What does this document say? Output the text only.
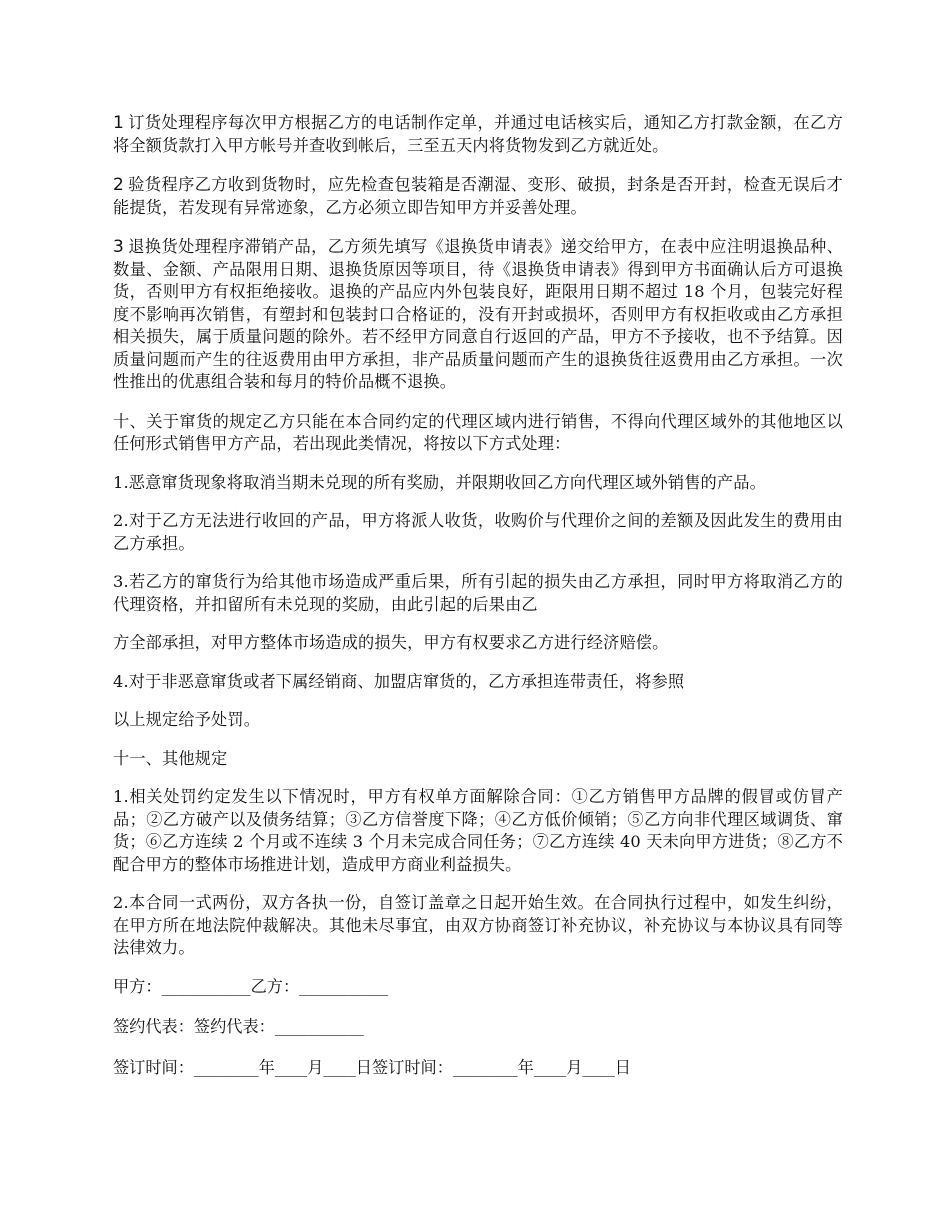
1 订货处理程序每次甲方根据乙方的电话制作定单，并通过电话核实后，通知乙方打款金额，在乙方将全额货款打入甲方帐号并查收到帐后，三至五天内将货物发到乙方就近处。

2 验货程序乙方收到货物时，应先检查包装箱是否潮湿、变形、破损，封条是否开封，检查无误后才能提货，若发现有异常迹象，乙方必须立即告知甲方并妥善处理。

3 退换货处理程序滞销产品，乙方须先填写《退换货申请表》递交给甲方，在表中应注明退换品种、数量、金额、产品限用日期、退换货原因等项目，待《退换货申请表》得到甲方书面确认后方可退换货，否则甲方有权拒绝接收。退换的产品应内外包装良好，距限用日期不超过 18 个月，包装完好程度不影响再次销售，有塑封和包装封口合格证的，没有开封或损坏，否则甲方有权拒收或由乙方承担相关损失，属于质量问题的除外。若不经甲方同意自行返回的产品，甲方不予接收，也不予结算。因质量问题而产生的往返费用由甲方承担，非产品质量问题而产生的退换货往返费用由乙方承担。一次性推出的优惠组合装和每月的特价品概不退换。

十、关于窜货的规定乙方只能在本合同约定的代理区域内进行销售，不得向代理区域外的其他地区以任何形式销售甲方产品，若出现此类情况，将按以下方式处理：

1.恶意窜货现象将取消当期未兑现的所有奖励，并限期收回乙方向代理区域外销售的产品。

2.对于乙方无法进行收回的产品，甲方将派人收货，收购价与代理价之间的差额及因此发生的费用由乙方承担。

3.若乙方的窜货行为给其他市场造成严重后果，所有引起的损失由乙方承担，同时甲方将取消乙方的代理资格，并扣留所有未兑现的奖励，由此引起的后果由乙

方全部承担，对甲方整体市场造成的损失，甲方有权要求乙方进行经济赔偿。

4.对于非恶意窜货或者下属经销商、加盟店窜货的，乙方承担连带责任，将参照

以上规定给予处罚。

十一、其他规定

1.相关处罚约定发生以下情况时，甲方有权单方面解除合同：①乙方销售甲方品牌的假冒或仿冒产品；②乙方破产以及债务结算；③乙方信誉度下降；④乙方低价倾销；⑤乙方向非代理区域调货、窜货；⑥乙方连续 2 个月或不连续 3 个月未完成合同任务；⑦乙方连续 40 天未向甲方进货；⑧乙方不配合甲方的整体市场推进计划，造成甲方商业利益损失。

2.本合同一式两份，双方各执一份，自签订盖章之日起开始生效。在合同执行过程中，如发生纠纷，在甲方所在地法院仲裁解决。其他未尽事宜，由双方协商签订补充协议，补充协议与本协议具有同等法律效力。

甲方：___________乙方：___________

签约代表：签约代表：___________

签订时间：________年____月____日签订时间：________年____月____日
